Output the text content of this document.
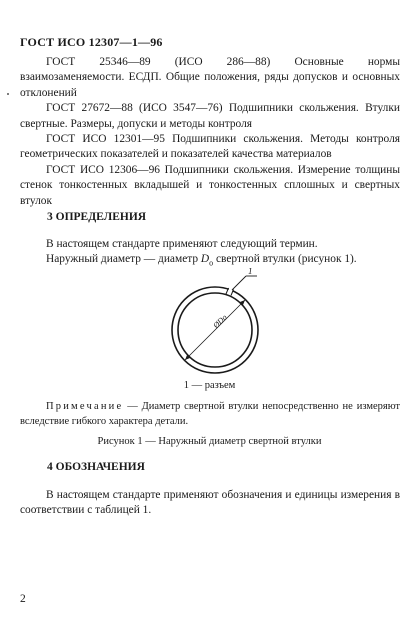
ГОСТ ИСО 12307—1—96

ГОСТ 25346—89 (ИСО 286—88) Основные нормы взаимозаменяемости. ЕСДП. Общие положения, ряды допусков и основных отклонений

ГОСТ 27672—88 (ИСО 3547—76) Подшипники скольжения. Втулки свертные. Размеры, допуски и методы контроля

ГОСТ ИСО 12301—95 Подшипники скольжения. Методы контроля геометрических показателей и показателей качества материалов

ГОСТ ИСО 12306—96 Подшипники скольжения. Измерение толщины стенок тонкостенных вкладышей и тонкостенных сплошных и свертных втулок

3 ОПРЕДЕЛЕНИЯ

В настоящем стандарте применяют следующий термин.

Наружный диаметр — диаметр $D_o$ свертной втулки (рисунок 1).

1
ØDo
1 — разъем

Примечание — Диаметр свертной втулки непосредственно не измеряют вследствие гибкого характера детали.

Рисунок 1 — Наружный диаметр свертной втулки
4 ОБОЗНАЧЕНИЯ

В настоящем стандарте применяют обозначения и единицы измерения в соответствии с таблицей 1.

2
